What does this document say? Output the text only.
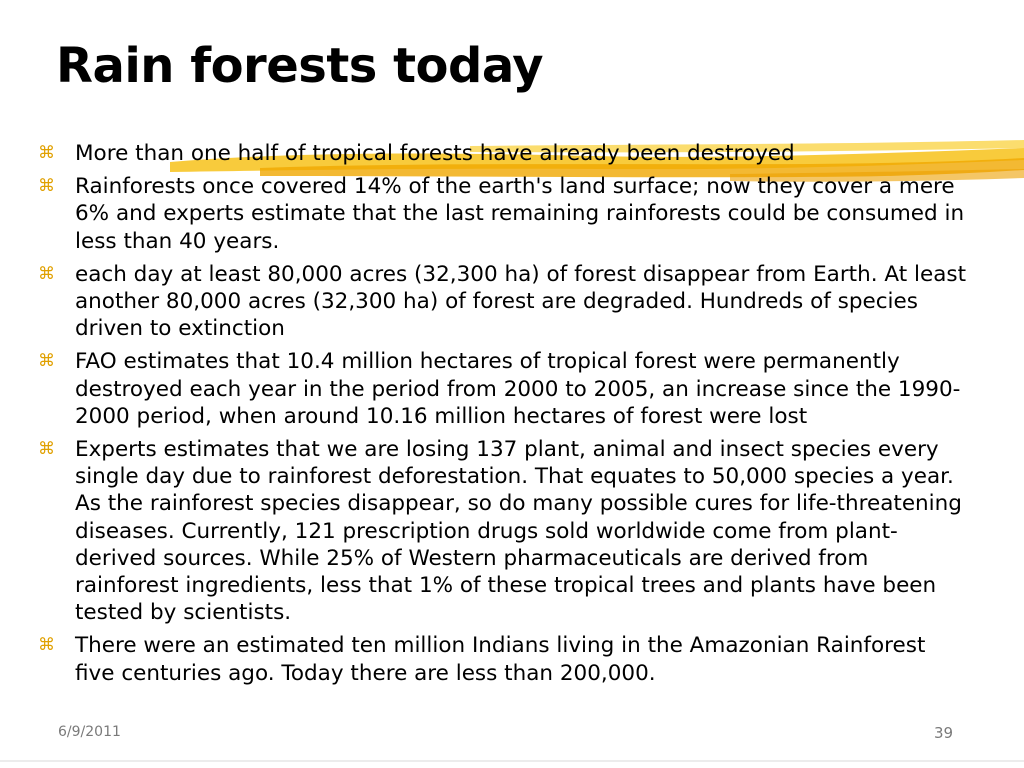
Rain forests today
⌘ More than one half of tropical forests have already been destroyed
⌘ Rainforests once covered 14% of the earth's land surface; now they cover a mere 6% and experts estimate that the last remaining rainforests could be consumed in less than 40 years.
⌘ each day at least 80,000 acres (32,300 ha) of forest disappear from Earth. At least another 80,000 acres (32,300 ha) of forest are degraded. Hundreds of species driven to extinction
⌘ FAO estimates that 10.4 million hectares of tropical forest were permanently destroyed each year in the period from 2000 to 2005, an increase since the 1990-2000 period, when around 10.16 million hectares of forest were lost
⌘ Experts estimates that we are losing 137 plant, animal and insect species every single day due to rainforest deforestation. That equates to 50,000 species a year. As the rainforest species disappear, so do many possible cures for life-threatening diseases. Currently, 121 prescription drugs sold worldwide come from plant-derived sources. While 25% of Western pharmaceuticals are derived from rainforest ingredients, less that 1% of these tropical trees and plants have been tested by scientists.
⌘ There were an estimated ten million Indians living in the Amazonian Rainforest five centuries ago. Today there are less than 200,000.
6/9/2011	39
